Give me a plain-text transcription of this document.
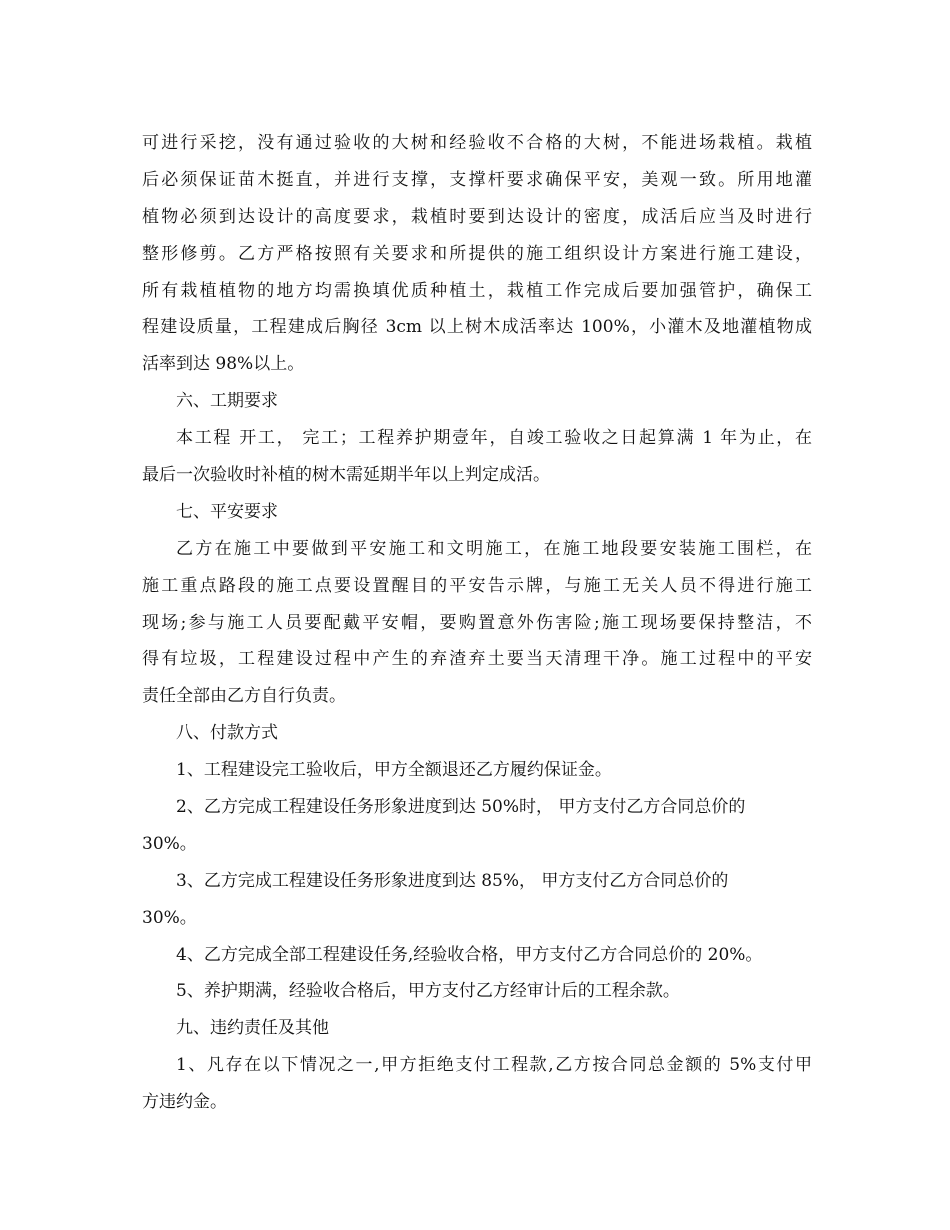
可进行采挖，没有通过验收的大树和经验收不合格的大树，不能进场栽植。栽植

后必须保证苗木挺直，并进行支撑，支撑杆要求确保平安，美观一致。所用地灌

植物必须到达设计的高度要求，栽植时要到达设计的密度，成活后应当及时进行

整形修剪。乙方严格按照有关要求和所提供的施工组织设计方案进行施工建设，

所有栽植植物的地方均需换填优质种植土，栽植工作完成后要加强管护，确保工

程建设质量，工程建成后胸径 3cm 以上树木成活率达 100%，小灌木及地灌植物成

活率到达 98%以上。

六、工期要求

本工程 开工， 完工；工程养护期壹年，自竣工验收之日起算满 1 年为止，在

最后一次验收时补植的树木需延期半年以上判定成活。

七、平安要求

乙方在施工中要做到平安施工和文明施工，在施工地段要安装施工围栏，在

施工重点路段的施工点要设置醒目的平安告示牌，与施工无关人员不得进行施工

现场;参与施工人员要配戴平安帽，要购置意外伤害险;施工现场要保持整洁，不

得有垃圾，工程建设过程中产生的弃渣弃土要当天清理干净。施工过程中的平安

责任全部由乙方自行负责。

八、付款方式

1、工程建设完工验收后，甲方全额退还乙方履约保证金。

2、乙方完成工程建设任务形象进度到达 50%时， 甲方支付乙方合同总价的

30%。

3、乙方完成工程建设任务形象进度到达 85%， 甲方支付乙方合同总价的

30%。

4、乙方完成全部工程建设任务,经验收合格，甲方支付乙方合同总价的 20%。

5、养护期满，经验收合格后，甲方支付乙方经审计后的工程余款。

九、违约责任及其他

1、凡存在以下情况之一,甲方拒绝支付工程款,乙方按合同总金额的 5%支付甲

方违约金。
